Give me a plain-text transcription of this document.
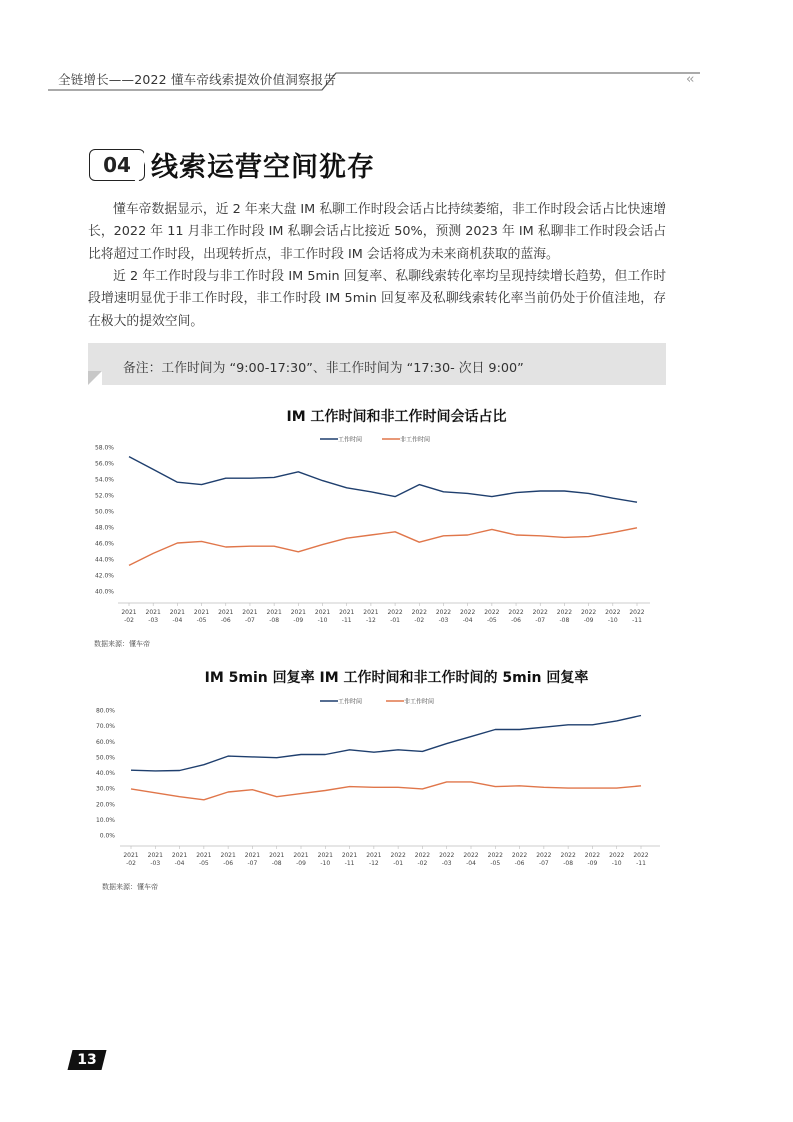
全链增长——2022 懂车帝线索提效价值洞察报告	‹‹
04 线索运营空间犹存

懂车帝数据显示，近 2 年来大盘 IM 私聊工作时段会话占比持续萎缩，非工作时段会话占比快速增长，2022 年 11 月非工作时段 IM 私聊会话占比接近 50%，预测 2023 年 IM 私聊非工作时段会话占比将超过工作时段，出现转折点，非工作时段 IM 会话将成为未来商机获取的蓝海。

近 2 年工作时段与非工作时段 IM 5min 回复率、私聊线索转化率均呈现持续增长趋势，但工作时段增速明显优于非工作时段，非工作时段 IM 5min 回复率及私聊线索转化率当前仍处于价值洼地，存在极大的提效空间。

备注：工作时间为 “9:00-17:30”、非工作时间为 “17:30- 次日 9:00”
IM 工作时间和非工作时间会话占比
58.0%
56.0%
54.0%
52.0%
50.0%
48.0%
46.0%
44.0%
42.0%
40.0%
2021
-02
2021
-03
2021
-04
2021
-05
2021
-06
2021
-07
2021
-08
2021
-09
2021
-10
2021
-11
2021
-12
2022
-01
2022
-02
2022
-03
2022
-04
2022
-05
2022
-06
2022
-07
2022
-08
2022
-09
2022
-10
2022
-11
工作时间	非工作时间
数据来源：懂车帝
IM 5min 回复率 IM 工作时间和非工作时间的 5min 回复率
80.0%
70.0%
60.0%
50.0%
40.0%
30.0%
20.0%
10.0%
0.0%
2021
-02
2021
-03
2021
-04
2021
-05
2021
-06
2021
-07
2021
-08
2021
-09
2021
-10
2021
-11
2021
-12
2022
-01
2022
-02
2022
-03
2022
-04
2022
-05
2022
-06
2022
-07
2022
-08
2022
-09
2022
-10
2022
-11
工作时间	非工作时间
数据来源：懂车帝
13
